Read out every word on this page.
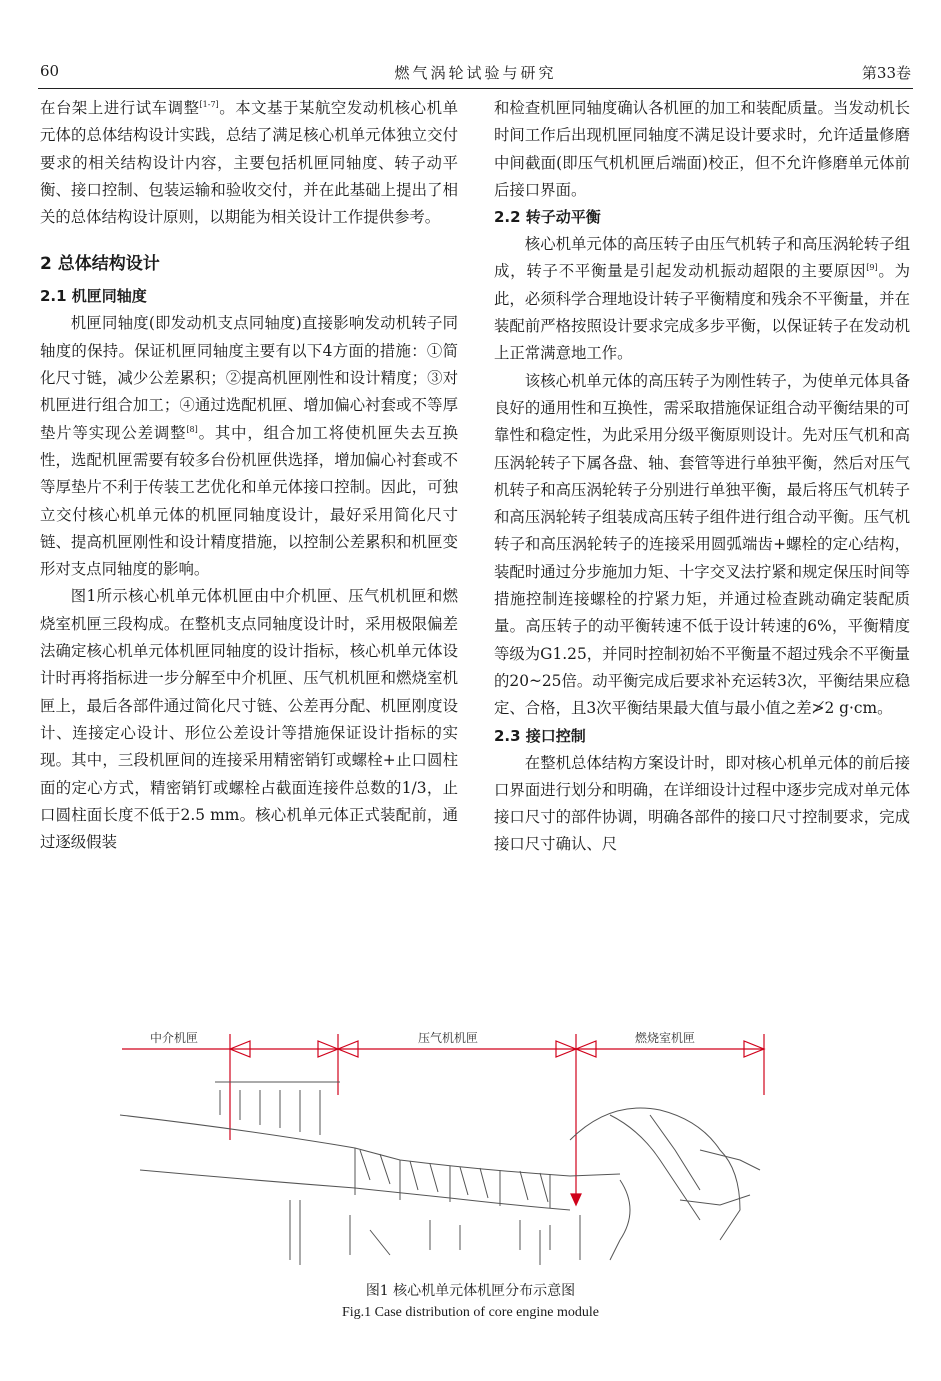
60	燃气涡轮试验与研究	第33卷

在台架上进行试车调整[1-7]。本文基于某航空发动机核心机单元体的总体结构设计实践，总结了满足核心机单元体独立交付要求的相关结构设计内容，主要包括机匣同轴度、转子动平衡、接口控制、包装运输和验收交付，并在此基础上提出了相关的总体结构设计原则，以期能为相关设计工作提供参考。

2 总体结构设计

2.1 机匣同轴度

机匣同轴度(即发动机支点同轴度)直接影响发动机转子同轴度的保持。保证机匣同轴度主要有以下4方面的措施：①简化尺寸链，减少公差累积；②提高机匣刚性和设计精度；③对机匣进行组合加工；④通过选配机匣、增加偏心衬套或不等厚垫片等实现公差调整[8]。其中，组合加工将使机匣失去互换性，选配机匣需要有较多台份机匣供选择，增加偏心衬套或不等厚垫片不利于传装工艺优化和单元体接口控制。因此，可独立交付核心机单元体的机匣同轴度设计，最好采用简化尺寸链、提高机匣刚性和设计精度措施，以控制公差累积和机匣变形对支点同轴度的影响。

图1所示核心机单元体机匣由中介机匣、压气机机匣和燃烧室机匣三段构成。在整机支点同轴度设计时，采用极限偏差法确定核心机单元体机匣同轴度的设计指标，核心机单元体设计时再将指标进一步分解至中介机匣、压气机机匣和燃烧室机匣上，最后各部件通过简化尺寸链、公差再分配、机匣刚度设计、连接定心设计、形位公差设计等措施保证设计指标的实现。其中，三段机匣间的连接采用精密销钉或螺栓+止口圆柱面的定心方式，精密销钉或螺栓占截面连接件总数的1/3，止口圆柱面长度不低于2.5 mm。核心机单元体正式装配前，通过逐级假装

和检查机匣同轴度确认各机匣的加工和装配质量。当发动机长时间工作后出现机匣同轴度不满足设计要求时，允许适量修磨中间截面(即压气机机匣后端面)校正，但不允许修磨单元体前后接口界面。

2.2 转子动平衡

核心机单元体的高压转子由压气机转子和高压涡轮转子组成，转子不平衡量是引起发动机振动超限的主要原因[9]。为此，必须科学合理地设计转子平衡精度和残余不平衡量，并在装配前严格按照设计要求完成多步平衡，以保证转子在发动机上正常满意地工作。

该核心机单元体的高压转子为刚性转子，为使单元体具备良好的通用性和互换性，需采取措施保证组合动平衡结果的可靠性和稳定性，为此采用分级平衡原则设计。先对压气机和高压涡轮转子下属各盘、轴、套管等进行单独平衡，然后对压气机转子和高压涡轮转子分别进行单独平衡，最后将压气机转子和高压涡轮转子组装成高压转子组件进行组合动平衡。压气机转子和高压涡轮转子的连接采用圆弧端齿+螺栓的定心结构，装配时通过分步施加力矩、十字交叉法拧紧和规定保压时间等措施控制连接螺栓的拧紧力矩，并通过检查跳动确定装配质量。高压转子的动平衡转速不低于设计转速的6%，平衡精度等级为G1.25，并同时控制初始不平衡量不超过残余不平衡量的20~25倍。动平衡完成后要求补充运转3次，平衡结果应稳定、合格，且3次平衡结果最大值与最小值之差≯2 g·cm。

2.3 接口控制

在整机总体结构方案设计时，即对核心机单元体的前后接口界面进行划分和明确，在详细设计过程中逐步完成对单元体接口尺寸的部件协调，明确各部件的接口尺寸控制要求，完成接口尺寸确认、尺

中介机匣	压气机机匣	燃烧室机匣
图1 核心机单元体机匣分布示意图
Fig.1 Case distribution of core engine module
